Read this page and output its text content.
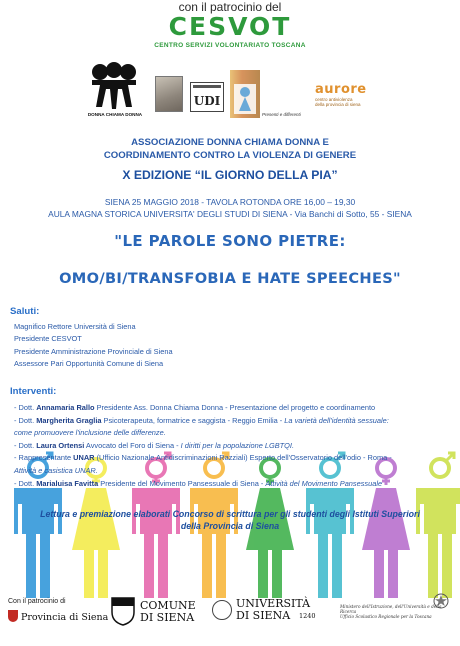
con il patrocinio del
CESVOT
CENTRO SERVIZI VOLONTARIATO TOSCANA
DONNA CHIAMA DONNA
UDI
Presenti e differenti
aurore
centro antiviolenza
della provincia di siena
ASSOCIAZIONE DONNA CHIAMA DONNA E
COORDINAMENTO CONTRO LA VIOLENZA DI GENERE
X EDIZIONE “IL GIORNO DELLA PIA”
SIENA 25 MAGGIO 2018 - TAVOLA ROTONDA ORE 16,00 – 19,30
AULA MAGNA STORICA UNIVERSITA' DEGLI STUDI DI SIENA - Via Banchi di Sotto, 55 - SIENA
"LE PAROLE SONO PIETRE:
OMO/BI/TRANSFOBIA E HATE SPEECHES"
Saluti:
Magnifico Rettore Università di Siena
Presidente CESVOT
Presidente Amministrazione Provinciale di Siena
Assessore Pari Opportunità Comune di Siena
Interventi:
- Dott. Annamaria Rallo Presidente Ass. Donna Chiama Donna - Presentazione del progetto e coordinamento
- Dott. Margherita Graglia Psicoterapeuta, formatrice e saggista - Reggio Emilia - La varietà dell'identità sessuale:
come promuovere l'inclusione delle differenze.
- Dott. Laura Ortensi Avvocato del Foro di Siena - I diritti per la popolazione LGBTQI.
- Rappresentante UNAR (Ufficio Nazionale Antidiscriminazioni Razziali) Esperto dell'Osservatorio dell'odio - Roma -
Attività e casistica UNAR.
- Dott. Marialuisa Favitta Presidente del Movimento Pansessuale di Siena - Attività del Movimento Pansessuale
Lettura e premiazione elaborati Concorso di scrittura per gli studenti degli Istituti Superiori
della Provincia di Siena
Con il patrocinio di
Provincia di Siena
COMUNE
DI SIENA
UNIVERSITÀ
DI SIENA	1240
Ministero dell'Istruzione, dell'Università e della Ricerca
Ufficio Scolastico Regionale per la Toscana
